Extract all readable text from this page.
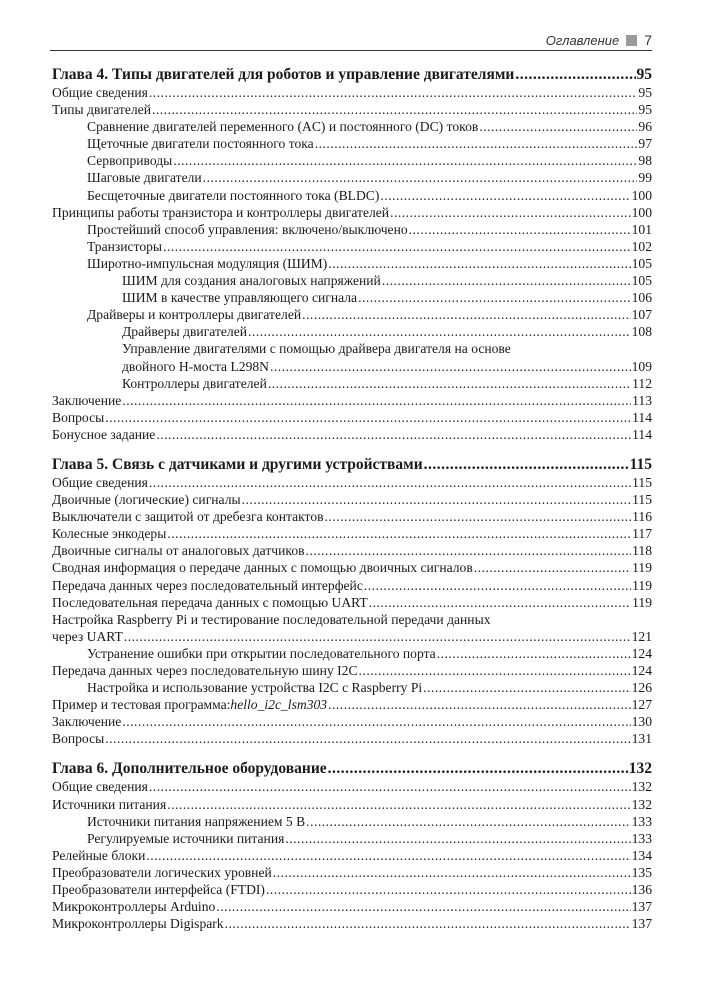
Оглавление 7
Глава 4. Типы двигателей для роботов и управление двигателями .....	95
Общие сведения .....	95
Типы двигателей .....	95
Сравнение двигателей переменного (AC) и постоянного (DC) токов .....	96
Щеточные двигатели постоянного тока .....	97
Сервоприводы .....	98
Шаговые двигатели .....	99
Бесщеточные двигатели постоянного тока (BLDC) .....	100
Принципы работы транзистора и контроллеры двигателей .....	100
Простейший способ управления: включено/выключено .....	101
Транзисторы .....	102
Широтно-импульсная модуляция (ШИМ) .....	105
ШИМ для создания аналоговых напряжений .....	105
ШИМ в качестве управляющего сигнала .....	106
Драйверы и контроллеры двигателей .....	107
Драйверы двигателей .....	108
Управление двигателями с помощью драйвера двигателя на основе
двойного H-моста L298N .....	109
Контроллеры двигателей .....	112
Заключение .....	113
Вопросы .....	114
Бонусное задание .....	114
Глава 5. Связь с датчиками и другими устройствами .....	115
Общие сведения .....	115
Двоичные (логические) сигналы .....	115
Выключатели с защитой от дребезга контактов .....	116
Колесные энкодеры .....	117
Двоичные сигналы от аналоговых датчиков .....	118
Сводная информация о передаче данных с помощью двоичных сигналов .....	119
Передача данных через последовательный интерфейс .....	119
Последовательная передача данных с помощью UART .....	119
Настройка Raspberry Pi и тестирование последовательной передачи данных
через UART .....	121
Устранение ошибки при открытии последовательного порта .....	124
Передача данных через последовательную шину I2C .....	124
Настройка и использование устройства I2C с Raspberry Pi .....	126
Пример и тестовая программа: hello_i2c_lsm303 .....	127
Заключение .....	130
Вопросы .....	131
Глава 6. Дополнительное оборудование .....	132
Общие сведения .....	132
Источники питания .....	132
Источники питания напряжением 5 В .....	133
Регулируемые источники питания .....	133
Релейные блоки .....	134
Преобразователи логических уровней .....	135
Преобразователи интерфейса (FTDI) .....	136
Микроконтроллеры Arduino .....	137
Микроконтроллеры Digispark .....	137
